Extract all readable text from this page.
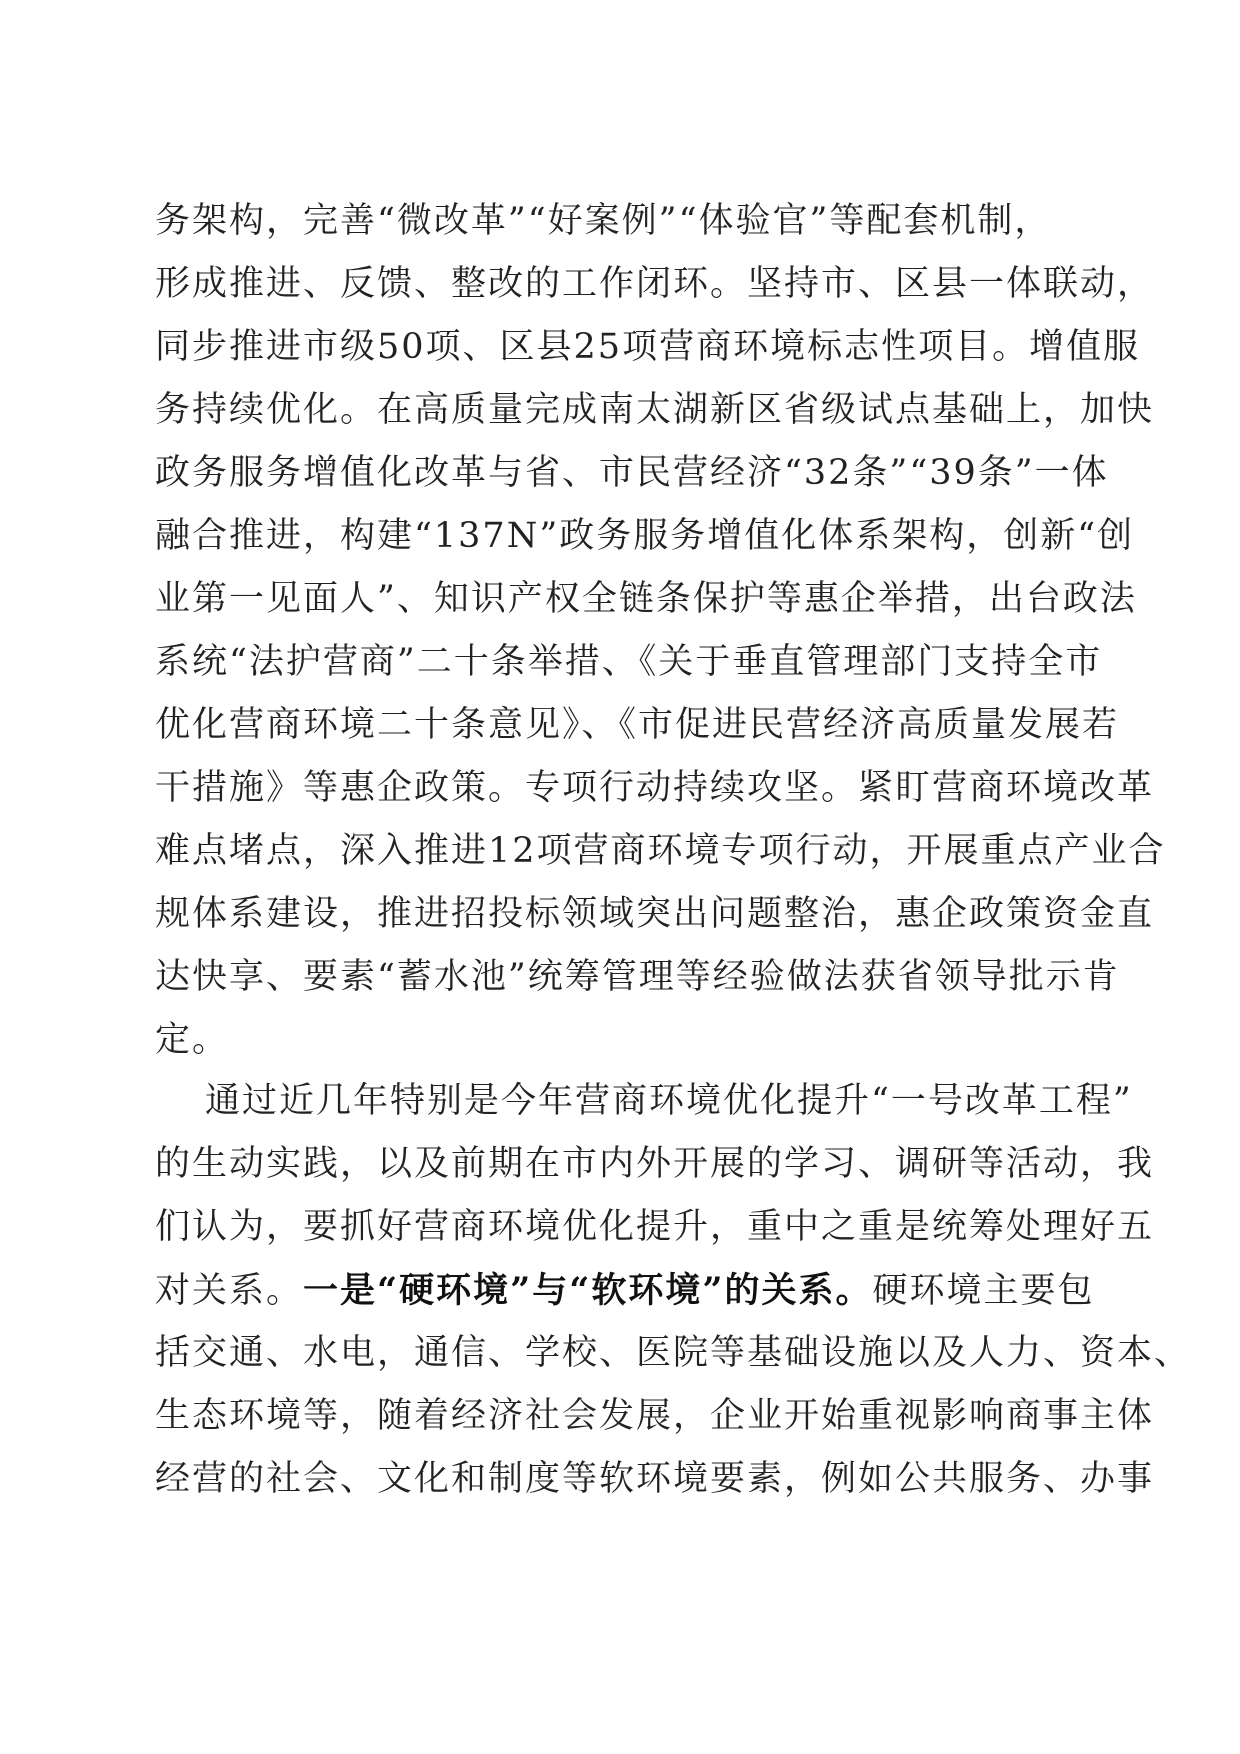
务架构，完善“微改革”“好案例”“体验官”等配套机制，
形成推进、反馈、整改的工作闭环。坚持市、区县一体联动，
同步推进市级50项、区县25项营商环境标志性项目。增值服
务持续优化。在高质量完成南太湖新区省级试点基础上，加快
政务服务增值化改革与省、市民营经济“32条”“39条”一体
融合推进，构建“137N”政务服务增值化体系架构，创新“创
业第一见面人”、知识产权全链条保护等惠企举措，出台政法
系统“法护营商”二十条举措、《关于垂直管理部门支持全市
优化营商环境二十条意见》、《市促进民营经济高质量发展若
干措施》等惠企政策。专项行动持续攻坚。紧盯营商环境改革
难点堵点，深入推进12项营商环境专项行动，开展重点产业合
规体系建设，推进招投标领域突出问题整治，惠企政策资金直
达快享、要素“蓄水池”统筹管理等经验做法获省领导批示肯
定。
通过近几年特别是今年营商环境优化提升“一号改革工程”
的生动实践，以及前期在市内外开展的学习、调研等活动，我
们认为，要抓好营商环境优化提升，重中之重是统筹处理好五
对关系。一是“硬环境”与“软环境”的关系。硬环境主要包
括交通、水电，通信、学校、医院等基础设施以及人力、资本、
生态环境等，随着经济社会发展，企业开始重视影响商事主体
经营的社会、文化和制度等软环境要素，例如公共服务、办事
